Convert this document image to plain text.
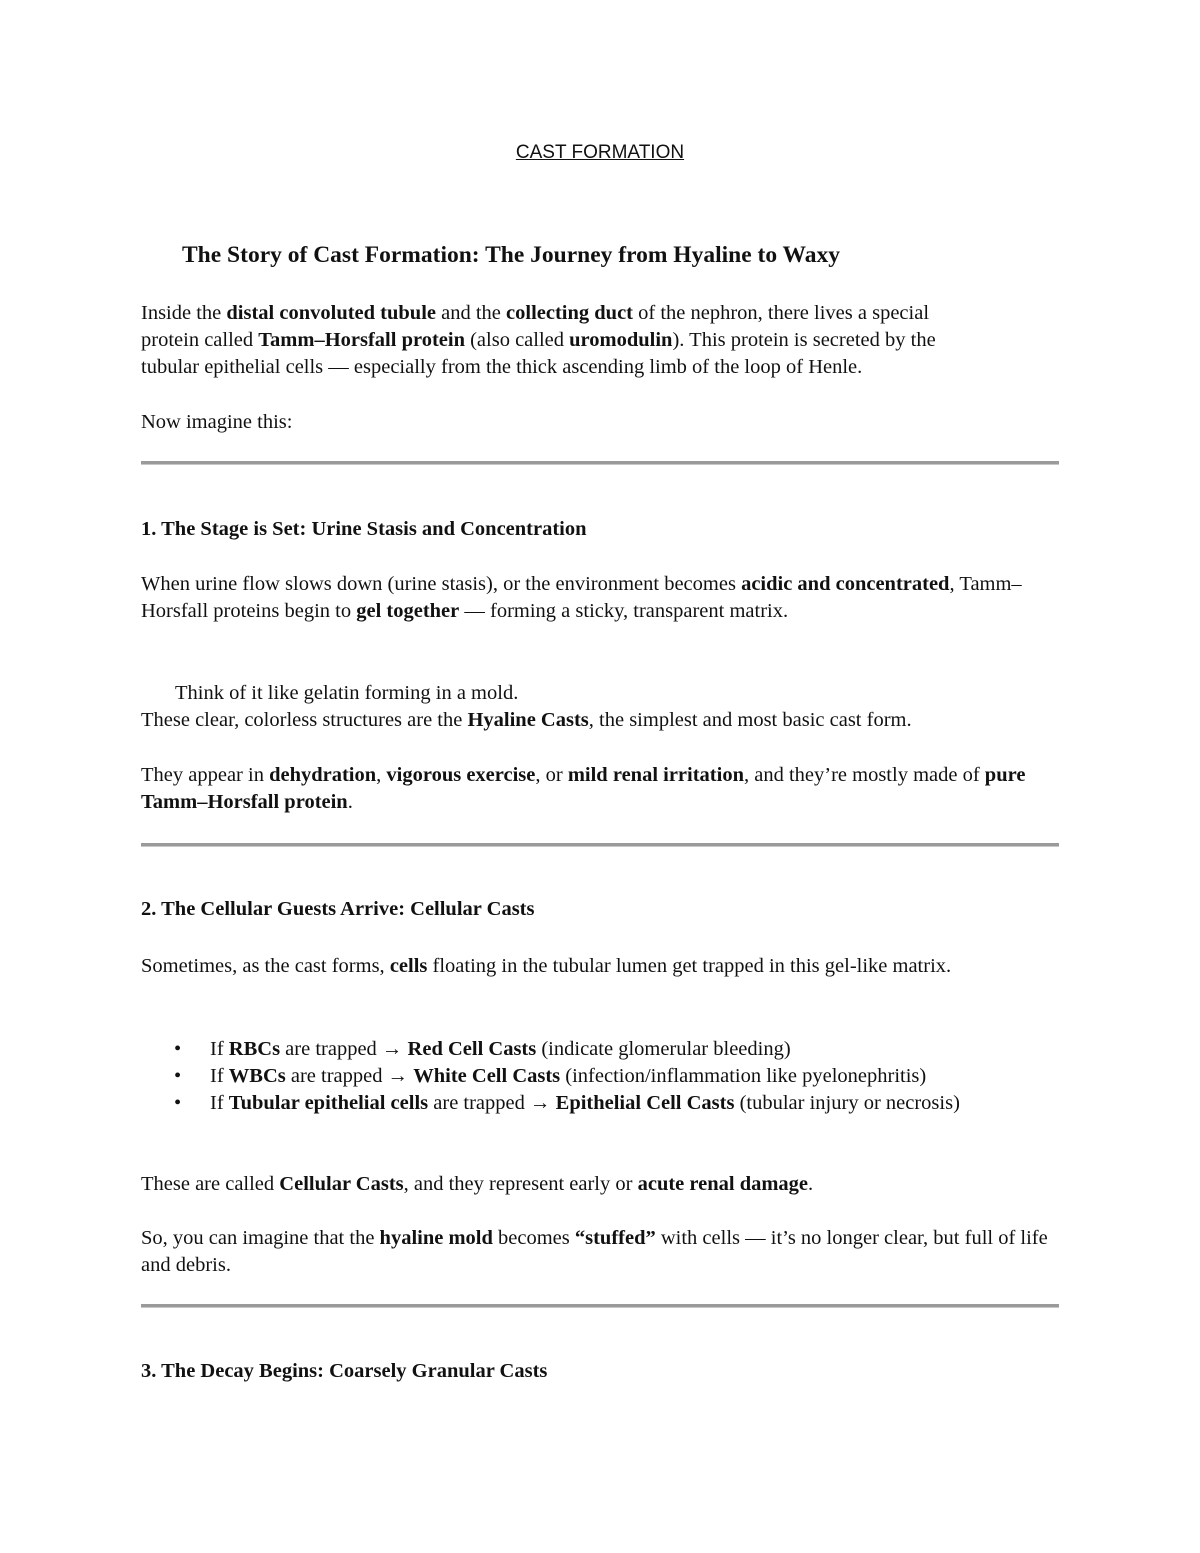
CAST FORMATION

The Story of Cast Formation: The Journey from Hyaline to Waxy

Inside the distal convoluted tubule and the collecting duct of the nephron, there lives a special
protein called Tamm–Horsfall protein (also called uromodulin). This protein is secreted by the
tubular epithelial cells — especially from the thick ascending limb of the loop of Henle.

Now imagine this:

1. The Stage is Set: Urine Stasis and Concentration

When urine flow slows down (urine stasis), or the environment becomes acidic and concentrated, Tamm–Horsfall proteins begin to gel together — forming a sticky, transparent matrix.

Think of it like gelatin forming in a mold.
These clear, colorless structures are the Hyaline Casts, the simplest and most basic cast form.

They appear in dehydration, vigorous exercise, or mild renal irritation, and they’re mostly made of pure Tamm–Horsfall protein.

2. The Cellular Guests Arrive: Cellular Casts

Sometimes, as the cast forms, cells floating in the tubular lumen get trapped in this gel-like matrix.

• If RBCs are trapped → Red Cell Casts (indicate glomerular bleeding)
• If WBCs are trapped → White Cell Casts (infection/inflammation like pyelonephritis)
• If Tubular epithelial cells are trapped → Epithelial Cell Casts (tubular injury or necrosis)

These are called Cellular Casts, and they represent early or acute renal damage.

So, you can imagine that the hyaline mold becomes “stuffed” with cells — it’s no longer clear, but full of life and debris.

3. The Decay Begins: Coarsely Granular Casts
